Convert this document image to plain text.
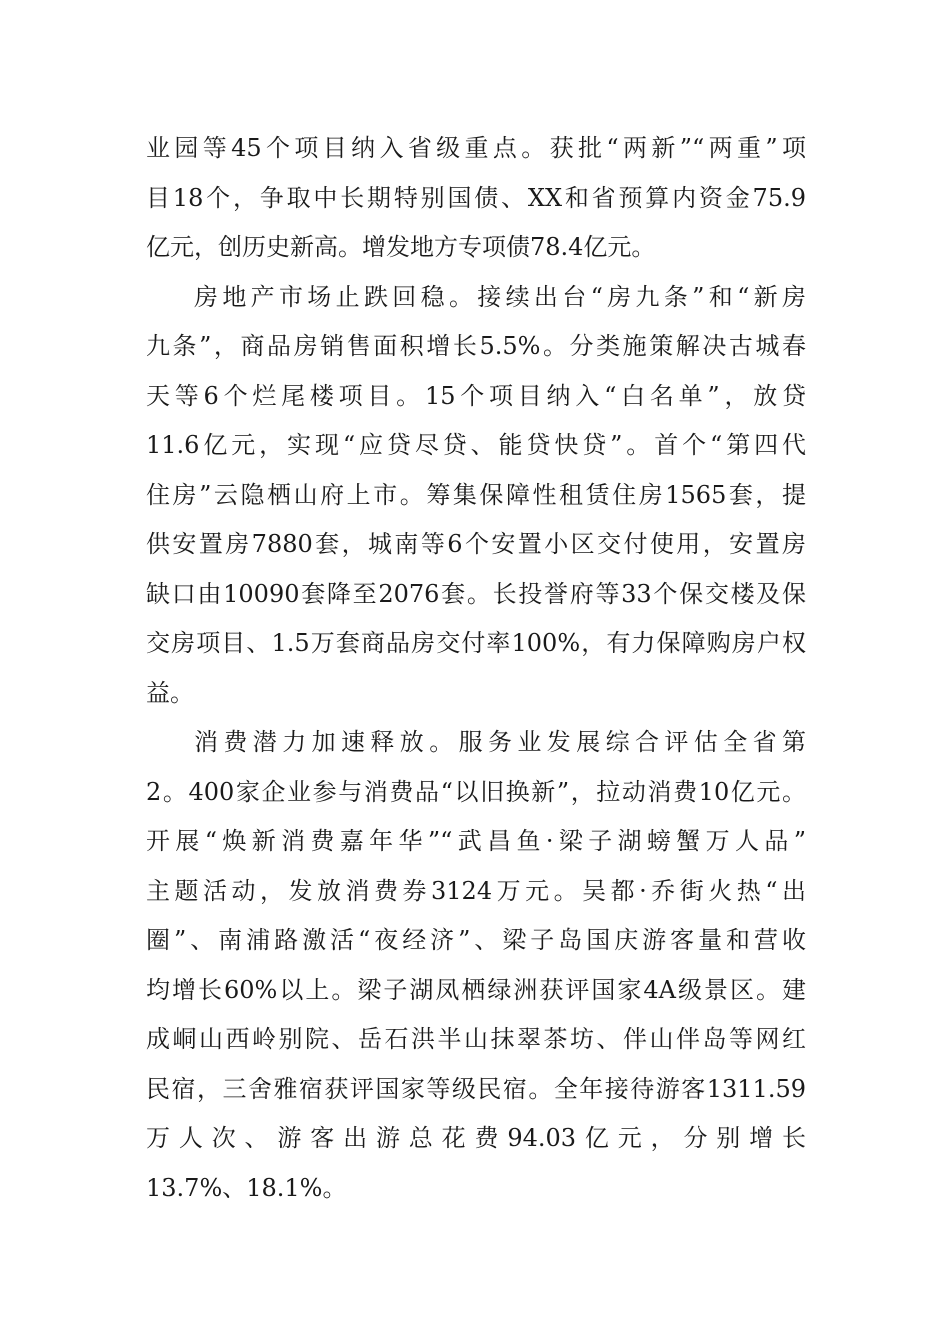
业园等45个项目纳入省级重点。获批“两新”“两重”项
目18个，争取中长期特别国债、XX和省预算内资金75.9
亿元，创历史新高。增发地方专项债78.4亿元。

房地产市场止跌回稳。接续出台“房九条”和“新房
九条”，商品房销售面积增长5.5%。分类施策解决古城春
天等6个烂尾楼项目。15个项目纳入“白名单”，放贷
11.6亿元，实现“应贷尽贷、能贷快贷”。首个“第四代
住房”云隐栖山府上市。筹集保障性租赁住房1565套，提
供安置房7880套，城南等6个安置小区交付使用，安置房
缺口由10090套降至2076套。长投誉府等33个保交楼及保
交房项目、1.5万套商品房交付率100%，有力保障购房户权
益。

消费潜力加速释放。服务业发展综合评估全省第
2。400家企业参与消费品“以旧换新”，拉动消费10亿元。
开展“焕新消费嘉年华”“武昌鱼·梁子湖螃蟹万人品”
主题活动，发放消费券3124万元。吴都·乔街火热“出
圈”、南浦路激活“夜经济”、梁子岛国庆游客量和营收
均增长60%以上。梁子湖凤栖绿洲获评国家4A级景区。建
成峒山西岭别院、岳石洪半山抹翠茶坊、伴山伴岛等网红
民宿，三舍雅宿获评国家等级民宿。全年接待游客1311.59
万人次、游客出游总花费94.03亿元，分别增长
13.7%、18.1%。
